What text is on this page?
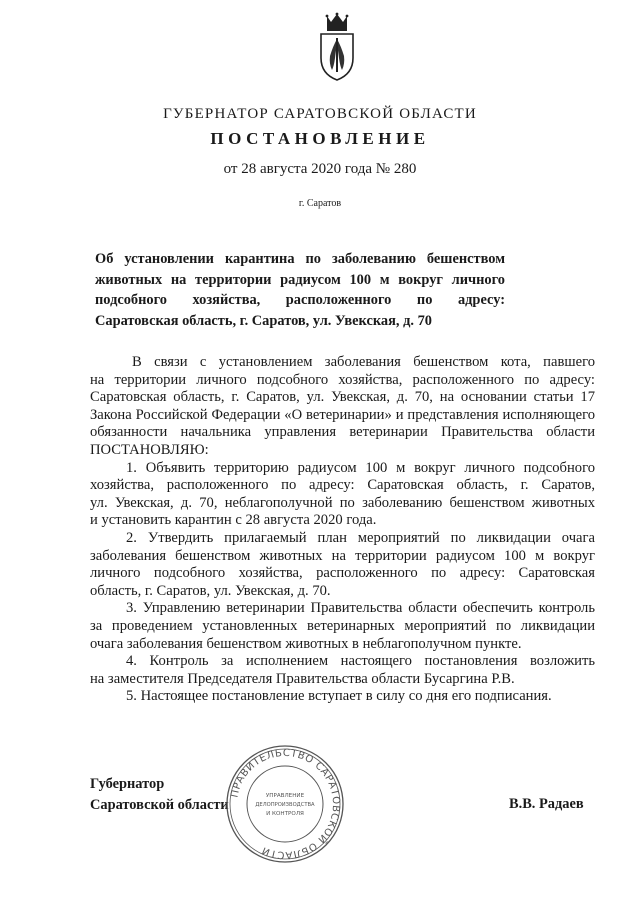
ГУБЕРНАТОР САРАТОВСКОЙ ОБЛАСТИ
ПОСТАНОВЛЕНИЕ
от 28 августа 2020 года № 280
г. Саратов
Об установлении карантина по заболеванию бешенством
животных на территории радиусом 100 м вокруг личного
подсобного хозяйства, расположенного по адресу:
Саратовская область, г. Саратов, ул. Увекская, д. 70
В связи с установлением заболевания бешенством кота, павшего
на территории личного подсобного хозяйства, расположенного по адресу:
Саратовская область, г. Саратов, ул. Увекская, д. 70, на основании статьи 17
Закона Российской Федерации «О ветеринарии» и представления исполняющего
обязанности начальника управления ветеринарии Правительства области
ПОСТАНОВЛЯЮ:
1. Объявить территорию радиусом 100 м вокруг личного подсобного
хозяйства, расположенного по адресу: Саратовская область, г. Саратов,
ул. Увекская, д. 70, неблагополучной по заболеванию бешенством животных
и установить карантин с 28 августа 2020 года.
2. Утвердить прилагаемый план мероприятий по ликвидации очага
заболевания бешенством животных на территории радиусом 100 м вокруг
личного подсобного хозяйства, расположенного по адресу: Саратовская
область, г. Саратов, ул. Увекская, д. 70.
3. Управлению ветеринарии Правительства области обеспечить контроль
за проведением установленных ветеринарных мероприятий по ликвидации
очага заболевания бешенством животных в неблагополучном пункте.
4. Контроль за исполнением настоящего постановления возложить
на заместителя Председателя Правительства области Бусаргина Р.В.
5. Настоящее постановление вступает в силу со дня его подписания.
Губернатор
Саратовской области	В.В. Радаев
ПРАВИТЕЛЬСТВО САРАТОВСКОЙ ОБЛАСТИ
УПРАВЛЕНИЕ
ДЕЛОПРОИЗВОДСТВА
И КОНТРОЛЯ
